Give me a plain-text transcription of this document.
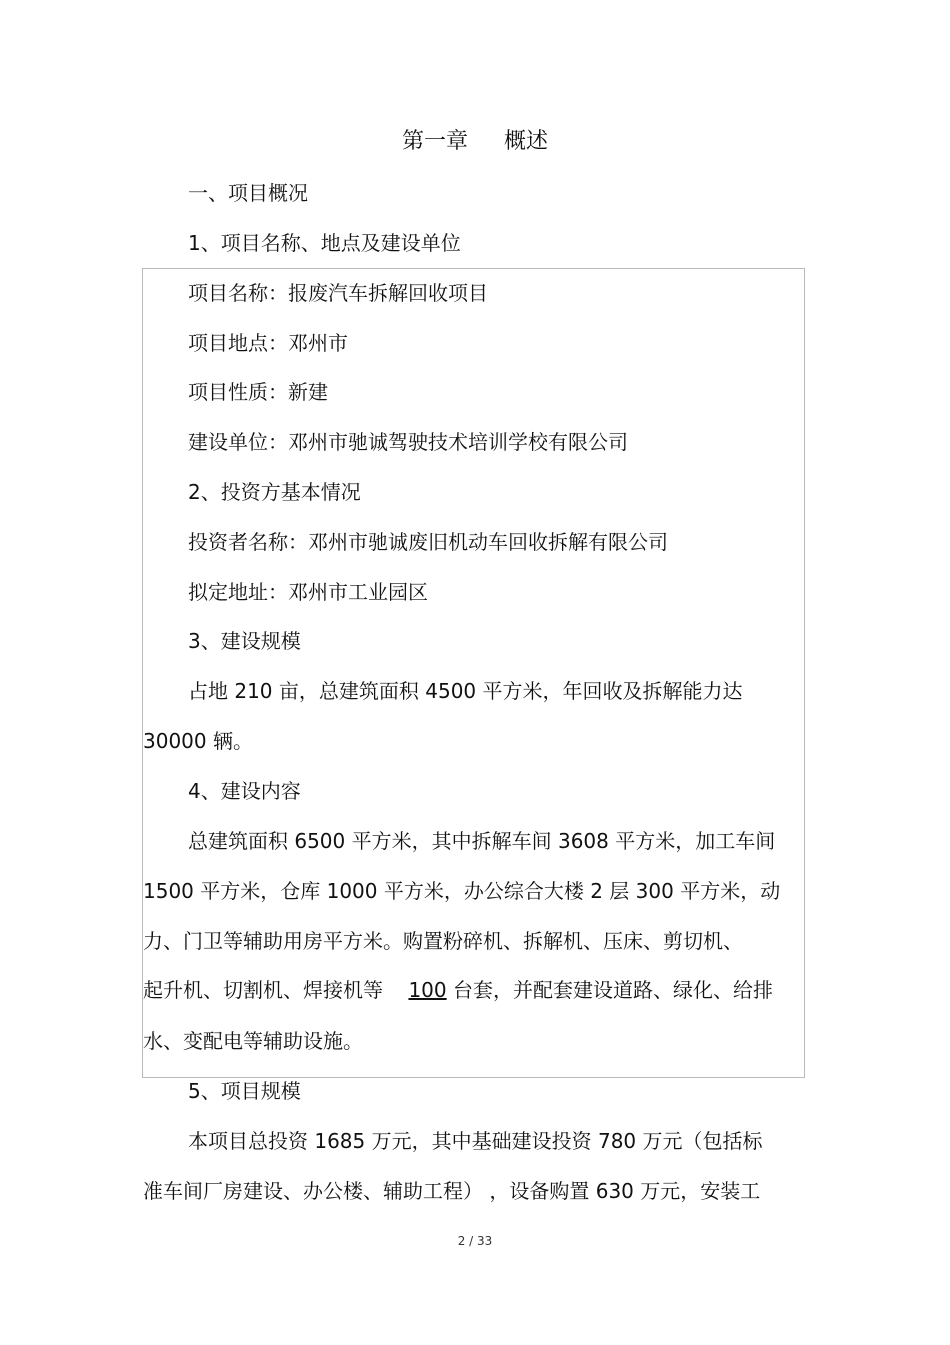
第一章 概述
一、项目概况
1、项目名称、地点及建设单位
项目名称：报废汽车拆解回收项目
项目地点：邓州市
项目性质：新建
建设单位：邓州市驰诚驾驶技术培训学校有限公司
2、投资方基本情况
投资者名称：邓州市驰诚废旧机动车回收拆解有限公司
拟定地址：邓州市工业园区
3、建设规模
占地 210 亩，总建筑面积 4500 平方米，年回收及拆解能力达
30000 辆。
4、建设内容
总建筑面积 6500 平方米，其中拆解车间 3608 平方米，加工车间
1500 平方米，仓库 1000 平方米，办公综合大楼 2 层 300 平方米，动
力、门卫等辅助用房平方米。购置粉碎机、拆解机、压床、剪切机、
起升机、切割机、焊接机等    100 台套，并配套建设道路、绿化、给排
水、变配电等辅助设施。
5、项目规模
本项目总投资 1685 万元，其中基础建设投资 780 万元（包括标
准车间厂房建设、办公楼、辅助工程） ，设备购置 630 万元，安装工
2 / 33
